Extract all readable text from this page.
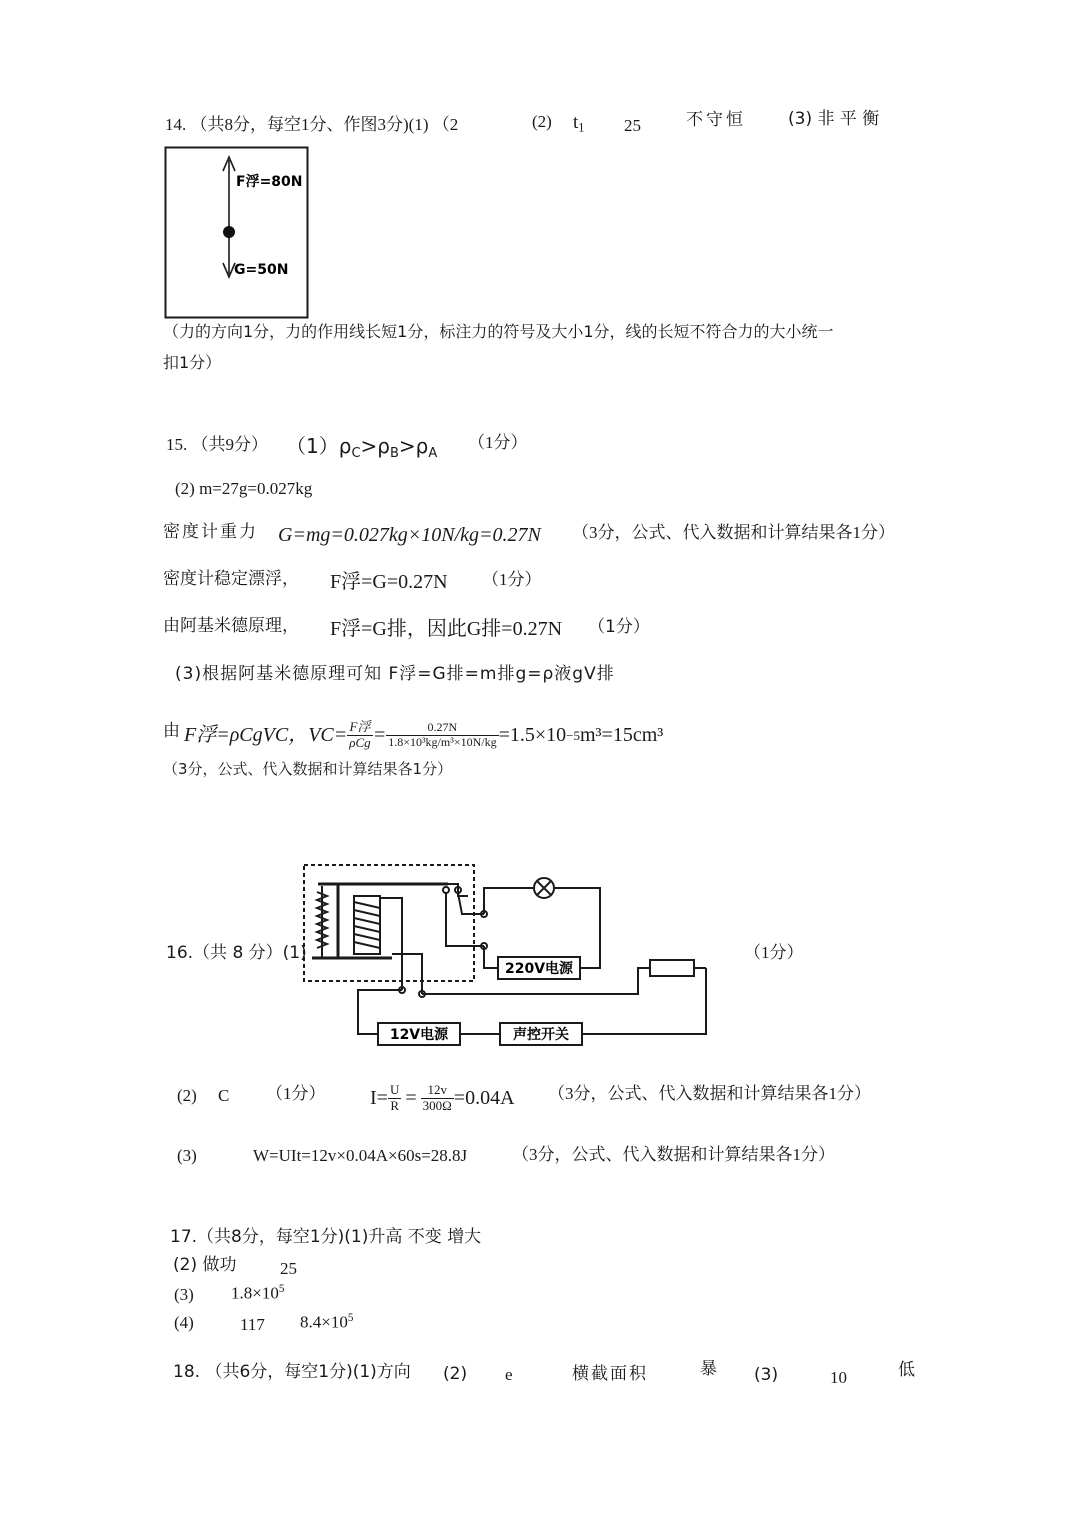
14. （共8分，每空1分、作图3分)(1) （2	(2) $t_1$ 25	不守恒 (3) 非 平 衡
F浮=80N
G=50N
（力的方向1分，力的作用线长短1分，标注力的符号及大小1分，线的长短不符合力的大小统一
扣1分）
15. （共9分） $(1)\rho_C>\rho_B>\rho_A$
（1分）
(2) m=27g=0.027kg
密度计重力 G=mg=0.027kg×10N/kg=0.27N （3分，公式、代入数据和计算结果各1分）
密度计稳定漂浮， F浮=G=0.27N （1分）
由阿基米德原理， F浮=G排，因此G排=0.27N （1分）
(3)根据阿基米德原理可知 F浮=G排=m排g=ρ液gV排
由 F浮=ρCgVC，$VC= \frac{\text{F浮}}{\text{ρCg}} = \frac{0.27N}{\text{1.8×10³kg/m³×10N/kg}} =1.5\times 10 -5$ m³=15cm³
（3分，公式、代入数据和计算结果各1分）
16.（共 8 分）(1)	（1分）
220V电源
12V电源	声控开关
(2) C （1分） $I= \frac{U}{R} = \frac{12v}{300\Omega} =0.04A$ （3分，公式、代入数据和计算结果各1分）
(3)	W=UIt=12v×0.04A×60s=28.8J	（3分，公式、代入数据和计算结果各1分）
17.（共8分，每空1分)(1)升高 不变 增大
(2) 做功	25
(3) $1.8\times 10^5$
(4)	117 $8.4\times 10^5$
18. （共6分，每空1分)(1)方向 (2) e	横截面积	暴 (3)	10	低
